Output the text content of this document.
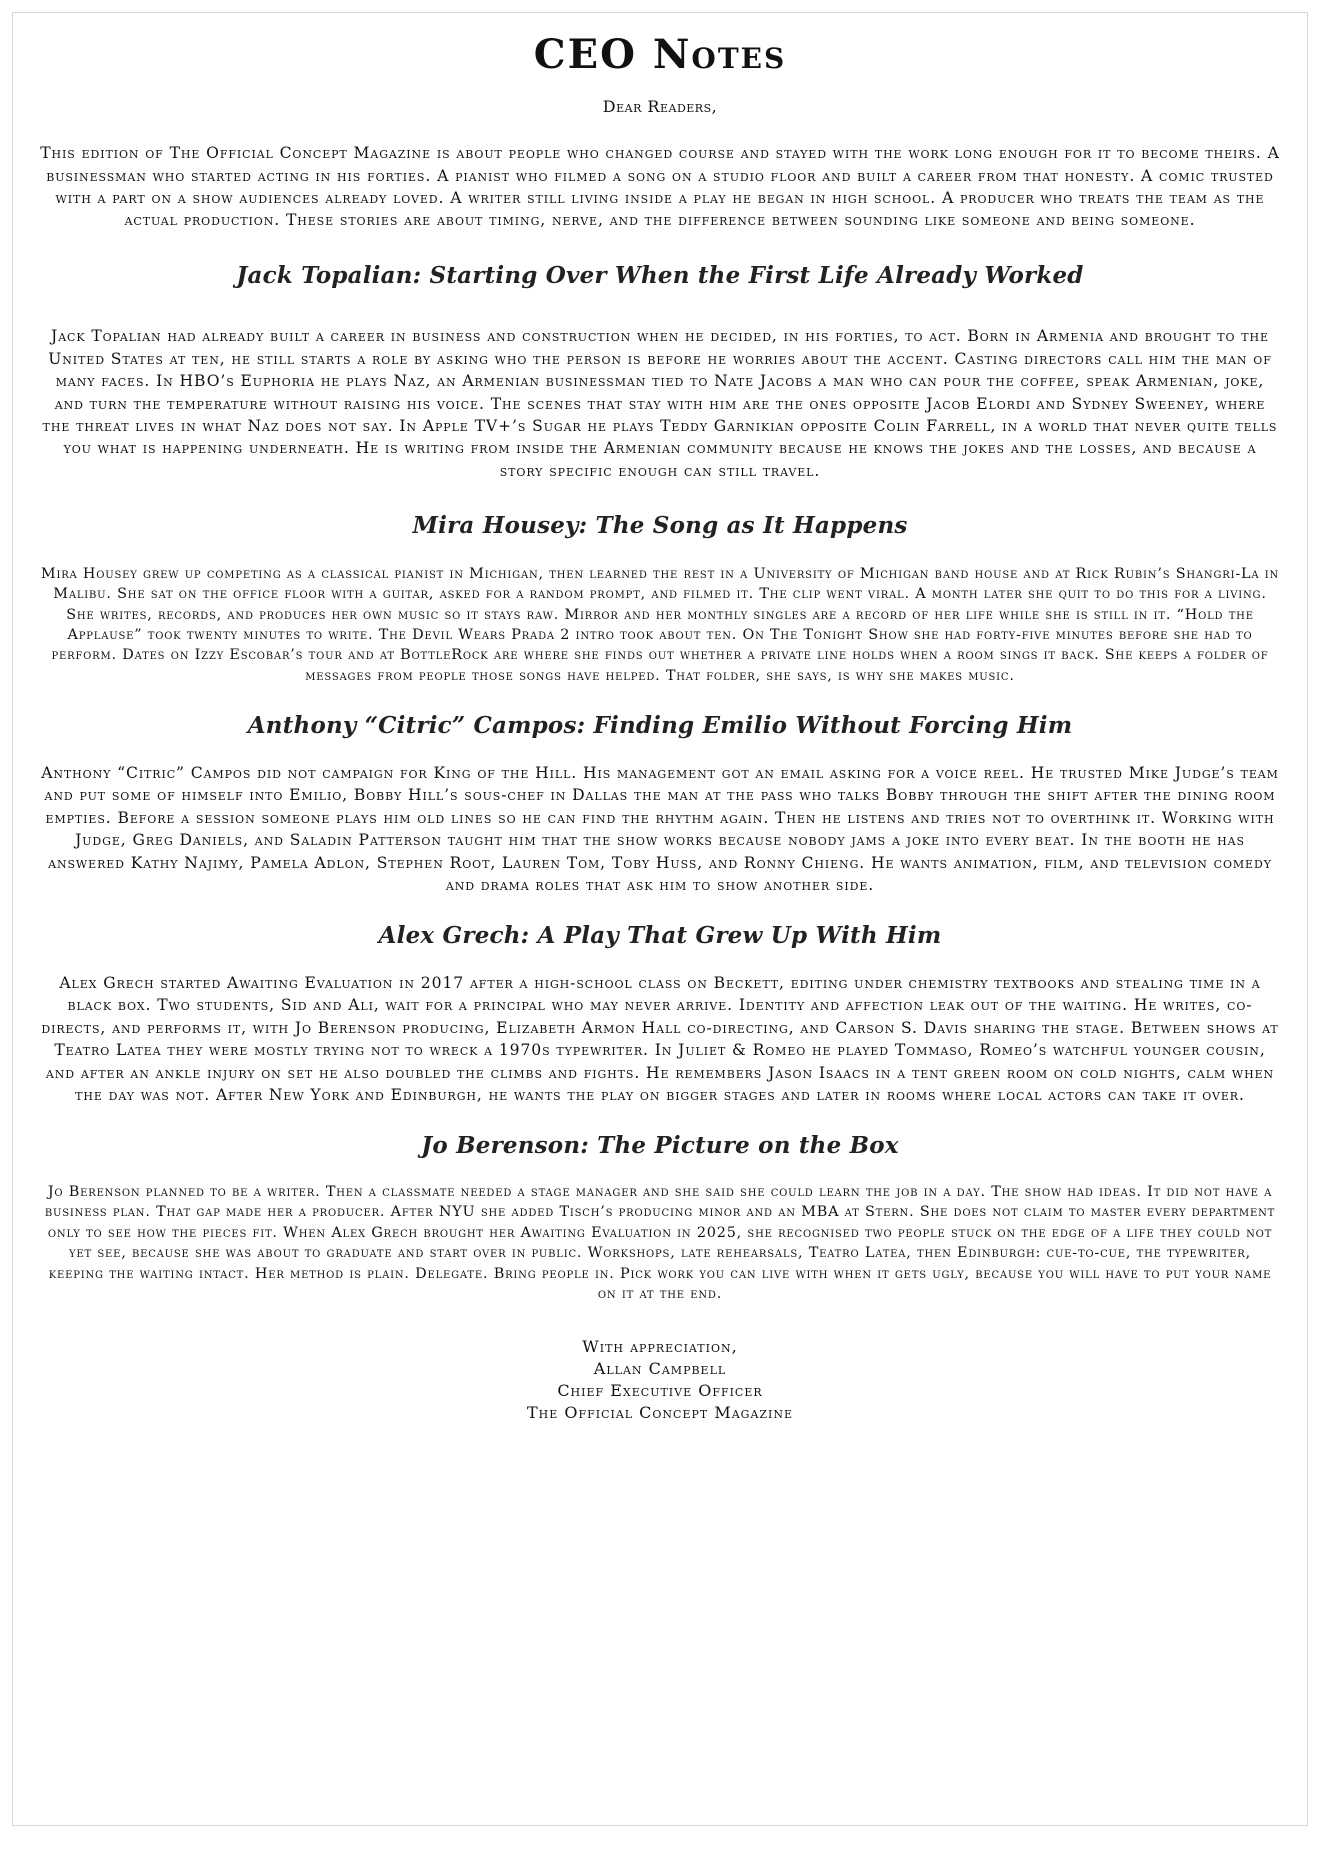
CEO Notes

Dear Readers,

This edition of The Official Concept Magazine is about people who changed course and stayed with the work long enough for it to become theirs. A businessman who started acting in his forties. A pianist who filmed a song on a studio floor and built a career from that honesty. A comic trusted with a part on a show audiences already loved. A writer still living inside a play he began in high school. A producer who treats the team as the actual production. These stories are about timing, nerve, and the difference between sounding like someone and being someone.

Jack Topalian: Starting Over When the First Life Already Worked

Jack Topalian had already built a career in business and construction when he decided, in his forties, to act. Born in Armenia and brought to the United States at ten, he still starts a role by asking who the person is before he worries about the accent. Casting directors call him the man of many faces. In HBO’s Euphoria he plays Naz, an Armenian businessman tied to Nate Jacobs a man who can pour the coffee, speak Armenian, joke, and turn the temperature without raising his voice. The scenes that stay with him are the ones opposite Jacob Elordi and Sydney Sweeney, where the threat lives in what Naz does not say. In Apple TV+’s Sugar he plays Teddy Garnikian opposite Colin Farrell, in a world that never quite tells you what is happening underneath. He is writing from inside the Armenian community because he knows the jokes and the losses, and because a story specific enough can still travel.

Mira Housey: The Song as It Happens

Mira Housey grew up competing as a classical pianist in Michigan, then learned the rest in a University of Michigan band house and at Rick Rubin’s Shangri-La in Malibu. She sat on the office floor with a guitar, asked for a random prompt, and filmed it. The clip went viral. A month later she quit to do this for a living. She writes, records, and produces her own music so it stays raw. Mirror and her monthly singles are a record of her life while she is still in it. “Hold the Applause” took twenty minutes to write. The Devil Wears Prada 2 intro took about ten. On The Tonight Show she had forty-five minutes before she had to perform. Dates on Izzy Escobar’s tour and at BottleRock are where she finds out whether a private line holds when a room sings it back. She keeps a folder of messages from people those songs have helped. That folder, she says, is why she makes music.

Anthony “Citric” Campos: Finding Emilio Without Forcing Him

Anthony “Citric” Campos did not campaign for King of the Hill. His management got an email asking for a voice reel. He trusted Mike Judge’s team and put some of himself into Emilio, Bobby Hill’s sous-chef in Dallas the man at the pass who talks Bobby through the shift after the dining room empties. Before a session someone plays him old lines so he can find the rhythm again. Then he listens and tries not to overthink it. Working with Judge, Greg Daniels, and Saladin Patterson taught him that the show works because nobody jams a joke into every beat. In the booth he has answered Kathy Najimy, Pamela Adlon, Stephen Root, Lauren Tom, Toby Huss, and Ronny Chieng. He wants animation, film, and television comedy and drama roles that ask him to show another side.

Alex Grech: A Play That Grew Up With Him

Alex Grech started Awaiting Evaluation in 2017 after a high-school class on Beckett, editing under chemistry textbooks and stealing time in a black box. Two students, Sid and Ali, wait for a principal who may never arrive. Identity and affection leak out of the waiting. He writes, co-directs, and performs it, with Jo Berenson producing, Elizabeth Armon Hall co-directing, and Carson S. Davis sharing the stage. Between shows at Teatro Latea they were mostly trying not to wreck a 1970s typewriter. In Juliet & Romeo he played Tommaso, Romeo’s watchful younger cousin, and after an ankle injury on set he also doubled the climbs and fights. He remembers Jason Isaacs in a tent green room on cold nights, calm when the day was not. After New York and Edinburgh, he wants the play on bigger stages and later in rooms where local actors can take it over.

Jo Berenson: The Picture on the Box

Jo Berenson planned to be a writer. Then a classmate needed a stage manager and she said she could learn the job in a day. The show had ideas. It did not have a business plan. That gap made her a producer. After NYU she added Tisch’s producing minor and an MBA at Stern. She does not claim to master every department only to see how the pieces fit. When Alex Grech brought her Awaiting Evaluation in 2025, she recognised two people stuck on the edge of a life they could not yet see, because she was about to graduate and start over in public. Workshops, late rehearsals, Teatro Latea, then Edinburgh: cue-to-cue, the typewriter, keeping the waiting intact. Her method is plain. Delegate. Bring people in. Pick work you can live with when it gets ugly, because you will have to put your name on it at the end.

With appreciation,
Allan Campbell
Chief Executive Officer
The Official Concept Magazine
